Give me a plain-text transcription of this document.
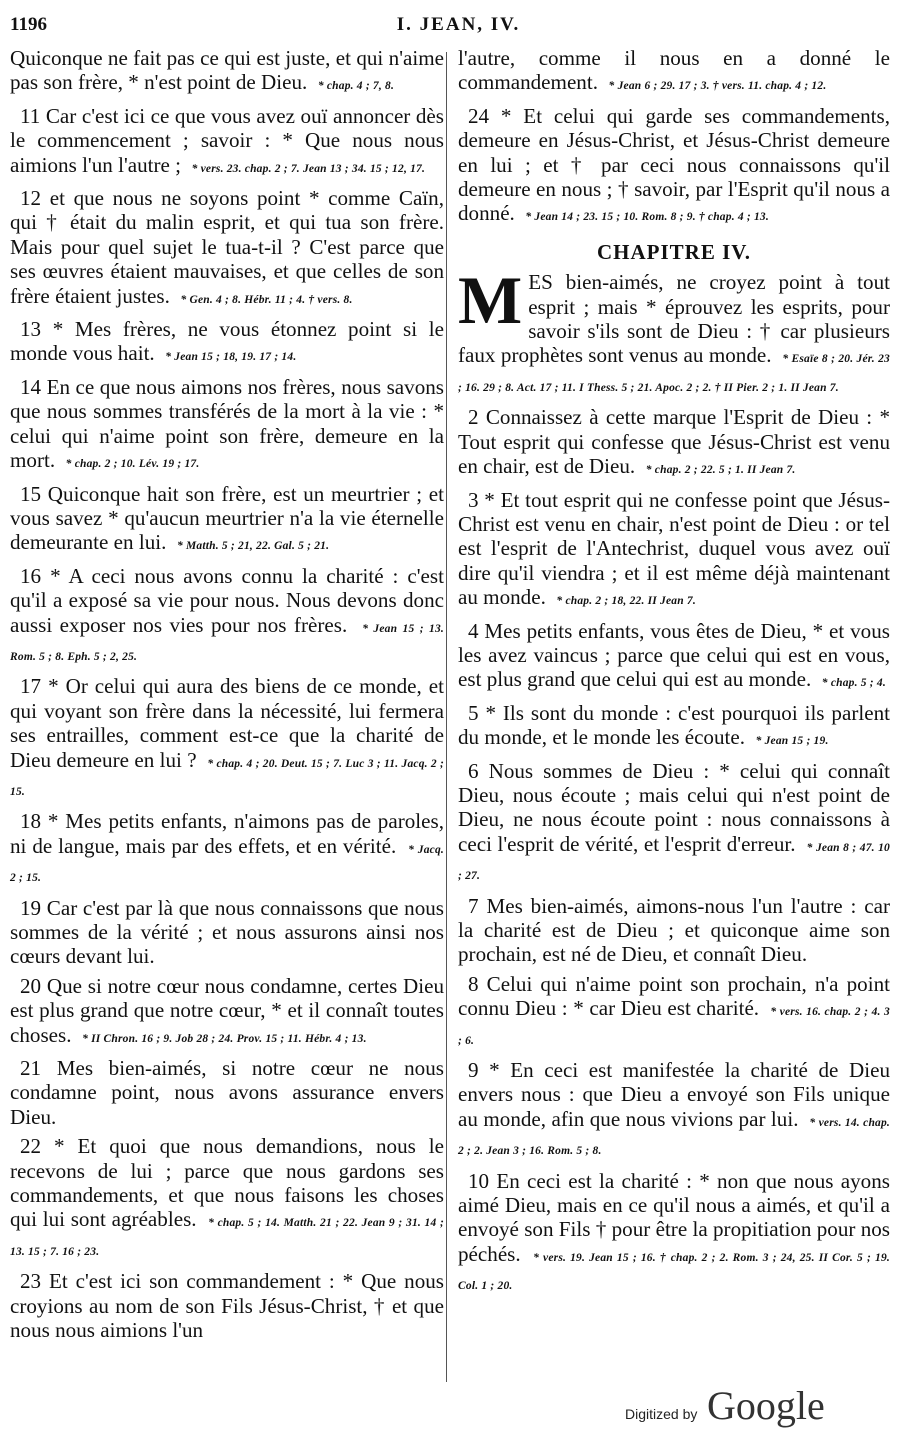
1196	I. JEAN, IV.

Quiconque ne fait pas ce qui est juste, et qui n'aime pas son frère, * n'est point de Dieu. * chap. 4 ; 7, 8.

11 Car c'est ici ce que vous avez ouï annoncer dès le commencement ; savoir : * Que nous nous aimions l'un l'autre ; * vers. 23. chap. 2 ; 7. Jean 13 ; 34. 15 ; 12, 17.

12 et que nous ne soyons point * comme Caïn, qui † était du malin esprit, et qui tua son frère. Mais pour quel sujet le tua-t-il ? C'est parce que ses œuvres étaient mauvaises, et que celles de son frère étaient justes. * Gen. 4 ; 8. Hébr. 11 ; 4. † vers. 8.

13 * Mes frères, ne vous étonnez point si le monde vous hait. * Jean 15 ; 18, 19. 17 ; 14.

14 En ce que nous aimons nos frères, nous savons que nous sommes transférés de la mort à la vie : * celui qui n'aime point son frère, demeure en la mort. * chap. 2 ; 10. Lév. 19 ; 17.

15 Quiconque hait son frère, est un meurtrier ; et vous savez * qu'aucun meurtrier n'a la vie éternelle demeurante en lui. * Matth. 5 ; 21, 22. Gal. 5 ; 21.

16 * A ceci nous avons connu la charité : c'est qu'il a exposé sa vie pour nous. Nous devons donc aussi exposer nos vies pour nos frères. * Jean 15 ; 13. Rom. 5 ; 8. Eph. 5 ; 2, 25.

17 * Or celui qui aura des biens de ce monde, et qui voyant son frère dans la nécessité, lui fermera ses entrailles, comment est-ce que la charité de Dieu demeure en lui ? * chap. 4 ; 20. Deut. 15 ; 7. Luc 3 ; 11. Jacq. 2 ; 15.

18 * Mes petits enfants, n'aimons pas de paroles, ni de langue, mais par des effets, et en vérité. * Jacq. 2 ; 15.

19 Car c'est par là que nous connaissons que nous sommes de la vérité ; et nous assurons ainsi nos cœurs devant lui.

20 Que si notre cœur nous condamne, certes Dieu est plus grand que notre cœur, * et il connaît toutes choses. * II Chron. 16 ; 9. Job 28 ; 24. Prov. 15 ; 11. Hébr. 4 ; 13.

21 Mes bien-aimés, si notre cœur ne nous condamne point, nous avons assurance envers Dieu.

22 * Et quoi que nous demandions, nous le recevons de lui ; parce que nous gardons ses commandements, et que nous faisons les choses qui lui sont agréables. * chap. 5 ; 14. Matth. 21 ; 22. Jean 9 ; 31. 14 ; 13. 15 ; 7. 16 ; 23.

23 Et c'est ici son commandement : * Que nous croyions au nom de son Fils Jésus-Christ, † et que nous nous aimions l'un

l'autre, comme il nous en a donné le commandement. * Jean 6 ; 29. 17 ; 3. † vers. 11. chap. 4 ; 12.

24 * Et celui qui garde ses commandements, demeure en Jésus-Christ, et Jésus-Christ demeure en lui ; et † par ceci nous connaissons qu'il demeure en nous ; † savoir, par l'Esprit qu'il nous a donné. * Jean 14 ; 23. 15 ; 10. Rom. 8 ; 9. † chap. 4 ; 13.

CHAPITRE IV.

MES bien-aimés, ne croyez point à tout esprit ; mais * éprouvez les esprits, pour savoir s'ils sont de Dieu : † car plusieurs faux prophètes sont venus au monde. * Esaïe 8 ; 20. Jér. 23 ; 16. 29 ; 8. Act. 17 ; 11. I Thess. 5 ; 21. Apoc. 2 ; 2. † II Pier. 2 ; 1. II Jean 7.

2 Connaissez à cette marque l'Esprit de Dieu : * Tout esprit qui confesse que Jésus-Christ est venu en chair, est de Dieu. * chap. 2 ; 22. 5 ; 1. II Jean 7.

3 * Et tout esprit qui ne confesse point que Jésus-Christ est venu en chair, n'est point de Dieu : or tel est l'esprit de l'Antechrist, duquel vous avez ouï dire qu'il viendra ; et il est même déjà maintenant au monde. * chap. 2 ; 18, 22. II Jean 7.

4 Mes petits enfants, vous êtes de Dieu, * et vous les avez vaincus ; parce que celui qui est en vous, est plus grand que celui qui est au monde. * chap. 5 ; 4.

5 * Ils sont du monde : c'est pourquoi ils parlent du monde, et le monde les écoute. * Jean 15 ; 19.

6 Nous sommes de Dieu : * celui qui connaît Dieu, nous écoute ; mais celui qui n'est point de Dieu, ne nous écoute point : nous connaissons à ceci l'esprit de vérité, et l'esprit d'erreur. * Jean 8 ; 47. 10 ; 27.

7 Mes bien-aimés, aimons-nous l'un l'autre : car la charité est de Dieu ; et quiconque aime son prochain, est né de Dieu, et connaît Dieu.

8 Celui qui n'aime point son prochain, n'a point connu Dieu : * car Dieu est charité. * vers. 16. chap. 2 ; 4. 3 ; 6.

9 * En ceci est manifestée la charité de Dieu envers nous : que Dieu a envoyé son Fils unique au monde, afin que nous vivions par lui. * vers. 14. chap. 2 ; 2. Jean 3 ; 16. Rom. 5 ; 8.

10 En ceci est la charité : * non que nous ayons aimé Dieu, mais en ce qu'il nous a aimés, et qu'il a envoyé son Fils † pour être la propitiation pour nos péchés. * vers. 19. Jean 15 ; 16. † chap. 2 ; 2. Rom. 3 ; 24, 25. II Cor. 5 ; 19. Col. 1 ; 20.

Digitized by Google
